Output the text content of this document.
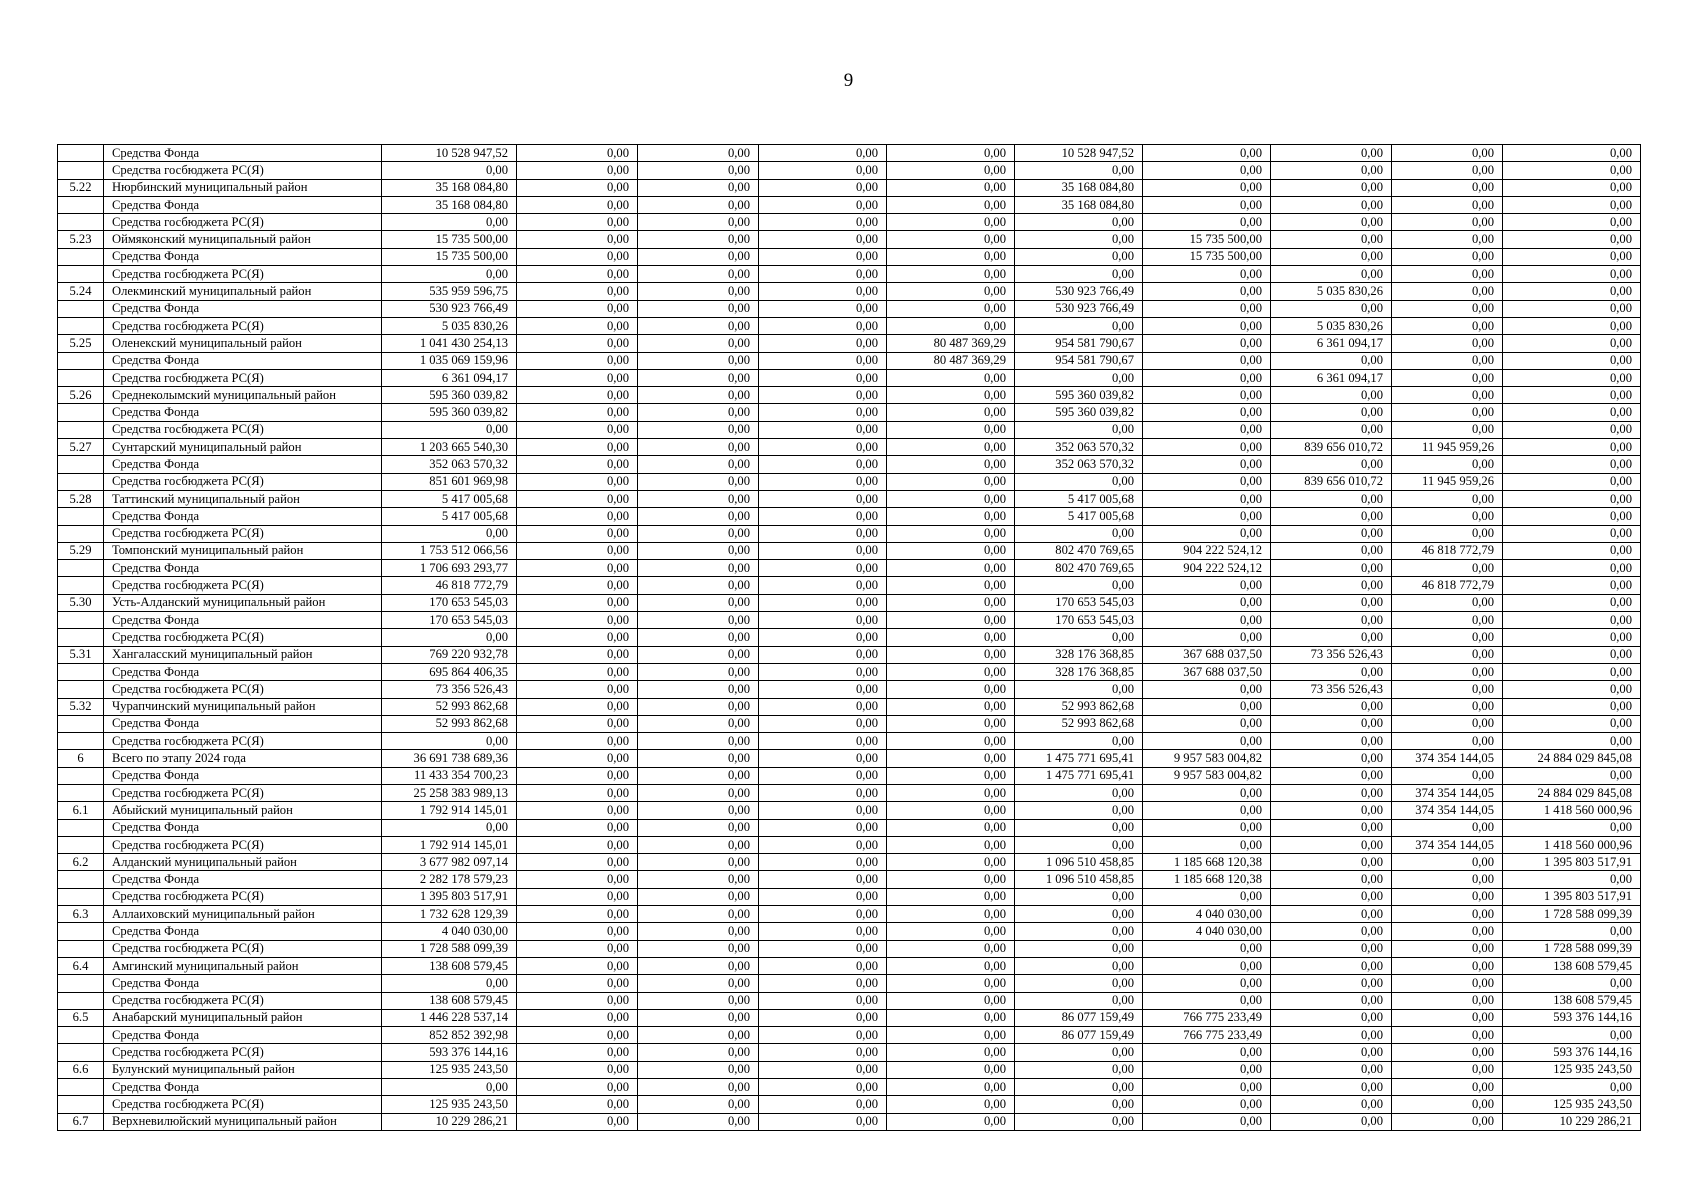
9
	Средства Фонда	10 528 947,52	0,00	0,00	0,00	0,00	10 528 947,52	0,00	0,00	0,00	0,00
	Средства госбюджета РС(Я)	0,00	0,00	0,00	0,00	0,00	0,00	0,00	0,00	0,00	0,00
5.22	Нюрбинский муниципальный район	35 168 084,80	0,00	0,00	0,00	0,00	35 168 084,80	0,00	0,00	0,00	0,00
	Средства Фонда	35 168 084,80	0,00	0,00	0,00	0,00	35 168 084,80	0,00	0,00	0,00	0,00
	Средства госбюджета РС(Я)	0,00	0,00	0,00	0,00	0,00	0,00	0,00	0,00	0,00	0,00
5.23	Оймяконский муниципальный район	15 735 500,00	0,00	0,00	0,00	0,00	0,00	15 735 500,00	0,00	0,00	0,00
	Средства Фонда	15 735 500,00	0,00	0,00	0,00	0,00	0,00	15 735 500,00	0,00	0,00	0,00
	Средства госбюджета РС(Я)	0,00	0,00	0,00	0,00	0,00	0,00	0,00	0,00	0,00	0,00
5.24	Олекминский муниципальный район	535 959 596,75	0,00	0,00	0,00	0,00	530 923 766,49	0,00	5 035 830,26	0,00	0,00
	Средства Фонда	530 923 766,49	0,00	0,00	0,00	0,00	530 923 766,49	0,00	0,00	0,00	0,00
	Средства госбюджета РС(Я)	5 035 830,26	0,00	0,00	0,00	0,00	0,00	0,00	5 035 830,26	0,00	0,00
5.25	Оленекский муниципальный район	1 041 430 254,13	0,00	0,00	0,00	80 487 369,29	954 581 790,67	0,00	6 361 094,17	0,00	0,00
	Средства Фонда	1 035 069 159,96	0,00	0,00	0,00	80 487 369,29	954 581 790,67	0,00	0,00	0,00	0,00
	Средства госбюджета РС(Я)	6 361 094,17	0,00	0,00	0,00	0,00	0,00	0,00	6 361 094,17	0,00	0,00
5.26	Среднеколымский муниципальный район	595 360 039,82	0,00	0,00	0,00	0,00	595 360 039,82	0,00	0,00	0,00	0,00
	Средства Фонда	595 360 039,82	0,00	0,00	0,00	0,00	595 360 039,82	0,00	0,00	0,00	0,00
	Средства госбюджета РС(Я)	0,00	0,00	0,00	0,00	0,00	0,00	0,00	0,00	0,00	0,00
5.27	Сунтарский муниципальный район	1 203 665 540,30	0,00	0,00	0,00	0,00	352 063 570,32	0,00	839 656 010,72	11 945 959,26	0,00
	Средства Фонда	352 063 570,32	0,00	0,00	0,00	0,00	352 063 570,32	0,00	0,00	0,00	0,00
	Средства госбюджета РС(Я)	851 601 969,98	0,00	0,00	0,00	0,00	0,00	0,00	839 656 010,72	11 945 959,26	0,00
5.28	Таттинский муниципальный район	5 417 005,68	0,00	0,00	0,00	0,00	5 417 005,68	0,00	0,00	0,00	0,00
	Средства Фонда	5 417 005,68	0,00	0,00	0,00	0,00	5 417 005,68	0,00	0,00	0,00	0,00
	Средства госбюджета РС(Я)	0,00	0,00	0,00	0,00	0,00	0,00	0,00	0,00	0,00	0,00
5.29	Томпонский муниципальный район	1 753 512 066,56	0,00	0,00	0,00	0,00	802 470 769,65	904 222 524,12	0,00	46 818 772,79	0,00
	Средства Фонда	1 706 693 293,77	0,00	0,00	0,00	0,00	802 470 769,65	904 222 524,12	0,00	0,00	0,00
	Средства госбюджета РС(Я)	46 818 772,79	0,00	0,00	0,00	0,00	0,00	0,00	0,00	46 818 772,79	0,00
5.30	Усть-Алданский муниципальный район	170 653 545,03	0,00	0,00	0,00	0,00	170 653 545,03	0,00	0,00	0,00	0,00
	Средства Фонда	170 653 545,03	0,00	0,00	0,00	0,00	170 653 545,03	0,00	0,00	0,00	0,00
	Средства госбюджета РС(Я)	0,00	0,00	0,00	0,00	0,00	0,00	0,00	0,00	0,00	0,00
5.31	Хангаласский муниципальный район	769 220 932,78	0,00	0,00	0,00	0,00	328 176 368,85	367 688 037,50	73 356 526,43	0,00	0,00
	Средства Фонда	695 864 406,35	0,00	0,00	0,00	0,00	328 176 368,85	367 688 037,50	0,00	0,00	0,00
	Средства госбюджета РС(Я)	73 356 526,43	0,00	0,00	0,00	0,00	0,00	0,00	73 356 526,43	0,00	0,00
5.32	Чурапчинский муниципальный район	52 993 862,68	0,00	0,00	0,00	0,00	52 993 862,68	0,00	0,00	0,00	0,00
	Средства Фонда	52 993 862,68	0,00	0,00	0,00	0,00	52 993 862,68	0,00	0,00	0,00	0,00
	Средства госбюджета РС(Я)	0,00	0,00	0,00	0,00	0,00	0,00	0,00	0,00	0,00	0,00
6	Всего по этапу 2024 года	36 691 738 689,36	0,00	0,00	0,00	0,00	1 475 771 695,41	9 957 583 004,82	0,00	374 354 144,05	24 884 029 845,08
	Средства Фонда	11 433 354 700,23	0,00	0,00	0,00	0,00	1 475 771 695,41	9 957 583 004,82	0,00	0,00	0,00
	Средства госбюджета РС(Я)	25 258 383 989,13	0,00	0,00	0,00	0,00	0,00	0,00	0,00	374 354 144,05	24 884 029 845,08
6.1	Абыйский муниципальный район	1 792 914 145,01	0,00	0,00	0,00	0,00	0,00	0,00	0,00	374 354 144,05	1 418 560 000,96
	Средства Фонда	0,00	0,00	0,00	0,00	0,00	0,00	0,00	0,00	0,00	0,00
	Средства госбюджета РС(Я)	1 792 914 145,01	0,00	0,00	0,00	0,00	0,00	0,00	0,00	374 354 144,05	1 418 560 000,96
6.2	Алданский муниципальный район	3 677 982 097,14	0,00	0,00	0,00	0,00	1 096 510 458,85	1 185 668 120,38	0,00	0,00	1 395 803 517,91
	Средства Фонда	2 282 178 579,23	0,00	0,00	0,00	0,00	1 096 510 458,85	1 185 668 120,38	0,00	0,00	0,00
	Средства госбюджета РС(Я)	1 395 803 517,91	0,00	0,00	0,00	0,00	0,00	0,00	0,00	0,00	1 395 803 517,91
6.3	Аллаиховский муниципальный район	1 732 628 129,39	0,00	0,00	0,00	0,00	0,00	4 040 030,00	0,00	0,00	1 728 588 099,39
	Средства Фонда	4 040 030,00	0,00	0,00	0,00	0,00	0,00	4 040 030,00	0,00	0,00	0,00
	Средства госбюджета РС(Я)	1 728 588 099,39	0,00	0,00	0,00	0,00	0,00	0,00	0,00	0,00	1 728 588 099,39
6.4	Амгинский муниципальный район	138 608 579,45	0,00	0,00	0,00	0,00	0,00	0,00	0,00	0,00	138 608 579,45
	Средства Фонда	0,00	0,00	0,00	0,00	0,00	0,00	0,00	0,00	0,00	0,00
	Средства госбюджета РС(Я)	138 608 579,45	0,00	0,00	0,00	0,00	0,00	0,00	0,00	0,00	138 608 579,45
6.5	Анабарский муниципальный район	1 446 228 537,14	0,00	0,00	0,00	0,00	86 077 159,49	766 775 233,49	0,00	0,00	593 376 144,16
	Средства Фонда	852 852 392,98	0,00	0,00	0,00	0,00	86 077 159,49	766 775 233,49	0,00	0,00	0,00
	Средства госбюджета РС(Я)	593 376 144,16	0,00	0,00	0,00	0,00	0,00	0,00	0,00	0,00	593 376 144,16
6.6	Булунский муниципальный район	125 935 243,50	0,00	0,00	0,00	0,00	0,00	0,00	0,00	0,00	125 935 243,50
	Средства Фонда	0,00	0,00	0,00	0,00	0,00	0,00	0,00	0,00	0,00	0,00
	Средства госбюджета РС(Я)	125 935 243,50	0,00	0,00	0,00	0,00	0,00	0,00	0,00	0,00	125 935 243,50
6.7	Верхневилюйский муниципальный район	10 229 286,21	0,00	0,00	0,00	0,00	0,00	0,00	0,00	0,00	10 229 286,21
